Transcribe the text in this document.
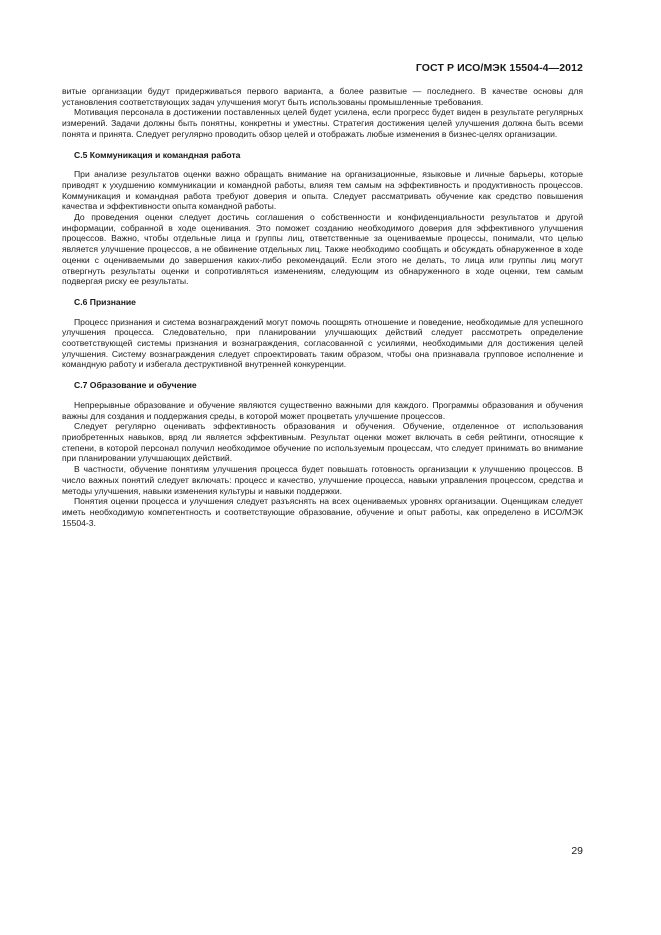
ГОСТ Р ИСО/МЭК 15504-4—2012

витые организации будут придерживаться первого варианта, а более развитые — последнего. В качестве основы для установления соответствующих задач улучшения могут быть использованы промышленные требования.

Мотивация персонала в достижении поставленных целей будет усилена, если прогресс будет виден в результате регулярных измерений. Задачи должны быть понятны, конкретны и уместны. Стратегия достижения целей улучшения должна быть всеми понята и принята. Следует регулярно проводить обзор целей и отображать любые изменения в бизнес-целях организации.

С.5 Коммуникация и командная работа

При анализе результатов оценки важно обращать внимание на организационные, языковые и личные барьеры, которые приводят к ухудшению коммуникации и командной работы, влияя тем самым на эффективность и продуктивность процессов. Коммуникация и командная работа требуют доверия и опыта. Следует рассматривать обучение как средство повышения качества и эффективности опыта командной работы.

До проведения оценки следует достичь соглашения о собственности и конфиденциальности результатов и другой информации, собранной в ходе оценивания. Это поможет созданию необходимого доверия для эффективного улучшения процессов. Важно, чтобы отдельные лица и группы лиц, ответственные за оцениваемые процессы, понимали, что целью является улучшение процессов, а не обвинение отдельных лиц. Также необходимо сообщать и обсуждать обнаруженное в ходе оценки с оцениваемыми до завершения каких-либо рекомендаций. Если этого не делать, то лица или группы лиц могут отвергнуть результаты оценки и сопротивляться изменениям, следующим из обнаруженного в ходе оценки, тем самым подвергая риску ее результаты.

С.6 Признание

Процесс признания и система вознаграждений могут помочь поощрять отношение и поведение, необходимые для успешного улучшения процесса. Следовательно, при планировании улучшающих действий следует рассмотреть определение соответствующей системы признания и вознаграждения, согласованной с усилиями, необходимыми для достижения целей улучшения. Систему вознаграждения следует спроектировать таким образом, чтобы она признавала групповое исполнение и командную работу и избегала деструктивной внутренней конкуренции.

С.7 Образование и обучение

Непрерывные образование и обучение являются существенно важными для каждого. Программы образования и обучения важны для создания и поддержания среды, в которой может процветать улучшение процессов.

Следует регулярно оценивать эффективность образования и обучения. Обучение, отделенное от использования приобретенных навыков, вряд ли является эффективным. Результат оценки может включать в себя рейтинги, относящие к степени, в которой персонал получил необходимое обучение по используемым процессам, что следует принимать во внимание при планировании улучшающих действий.

В частности, обучение понятиям улучшения процесса будет повышать готовность организации к улучшению процессов. В число важных понятий следует включать: процесс и качество, улучшение процесса, навыки управления процессом, средства и методы улучшения, навыки изменения культуры и навыки поддержки.

Понятия оценки процесса и улучшения следует разъяснять на всех оцениваемых уровнях организации. Оценщикам следует иметь необходимую компетентность и соответствующие образование, обучение и опыт работы, как определено в ИСО/МЭК 15504-3.

29
